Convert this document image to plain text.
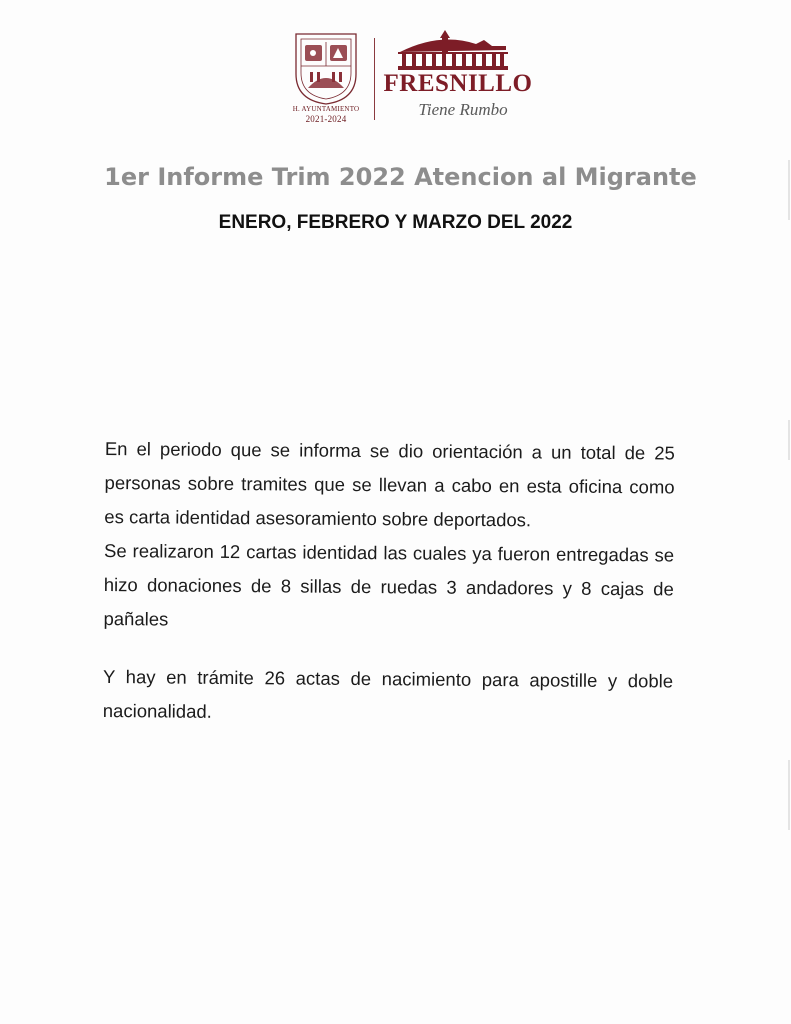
H. AYUNTAMIENTO
2021-2024
FRESNILLO
Tiene Rumbo
1er Informe Trim 2022 Atencion al Migrante
ENERO, FEBRERO Y MARZO DEL 2022

En el periodo que se informa se dio orientación a un total de 25 personas sobre tramites que se llevan a cabo en esta oficina como es carta identidad asesoramiento sobre deportados.

Se realizaron 12 cartas identidad las cuales ya fueron entregadas se hizo donaciones de 8 sillas de ruedas 3 andadores y 8 cajas de pañales

Y hay en trámite 26 actas de nacimiento para apostille y doble nacionalidad.
